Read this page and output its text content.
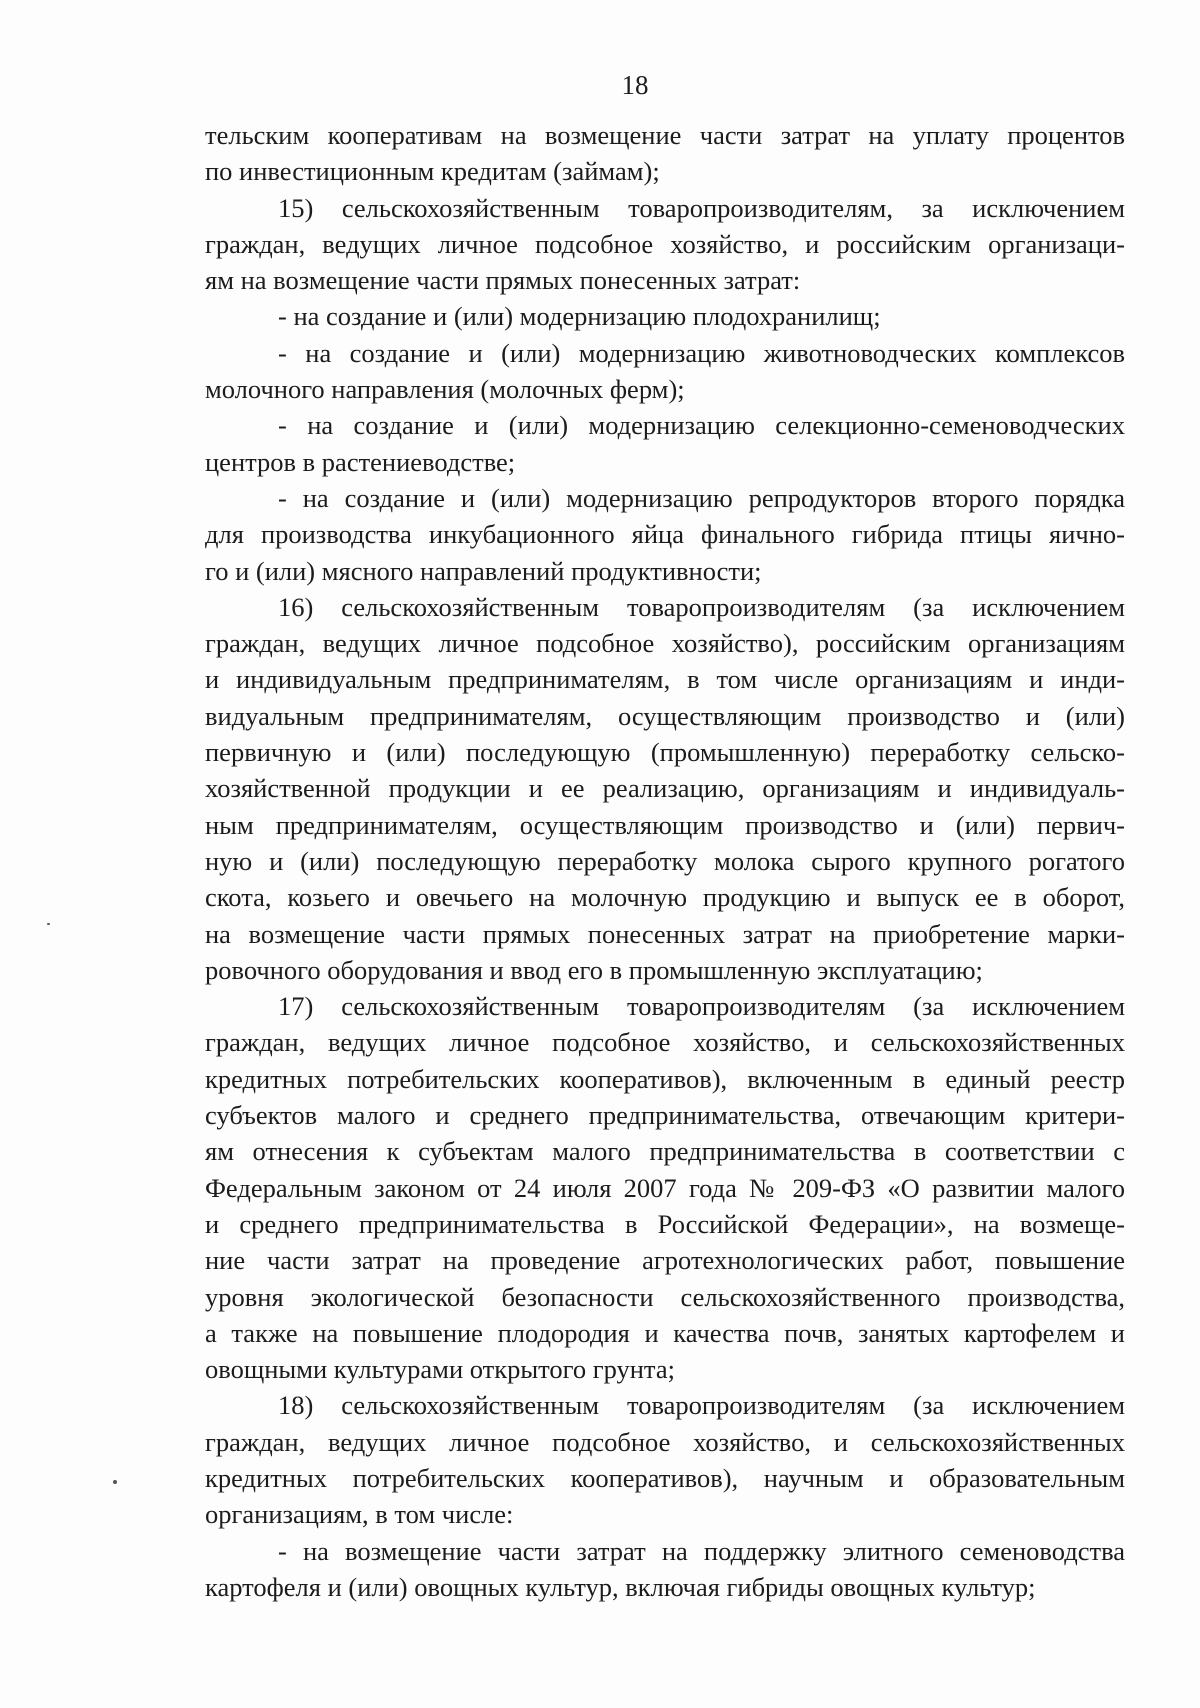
18
тельским кооперативам на возмещение части затрат на уплату процентов
по инвестиционным кредитам (займам);
15) сельскохозяйственным товаропроизводителям, за исключением
граждан, ведущих личное подсобное хозяйство, и российским организаци-
ям на возмещение части прямых понесенных затрат:
- на создание и (или) модернизацию плодохранилищ;
- на создание и (или) модернизацию животноводческих комплексов
молочного направления (молочных ферм);
- на создание и (или) модернизацию селекционно-семеноводческих
центров в растениеводстве;
- на создание и (или) модернизацию репродукторов второго порядка
для производства инкубационного яйца финального гибрида птицы яично-
го и (или) мясного направлений продуктивности;
16) сельскохозяйственным товаропроизводителям (за исключением
граждан, ведущих личное подсобное хозяйство), российским организациям
и индивидуальным предпринимателям, в том числе организациям и инди-
видуальным предпринимателям, осуществляющим производство и (или)
первичную и (или) последующую (промышленную) переработку сельско-
хозяйственной продукции и ее реализацию, организациям и индивидуаль-
ным предпринимателям, осуществляющим производство и (или) первич-
ную и (или) последующую переработку молока сырого крупного рогатого
скота, козьего и овечьего на молочную продукцию и выпуск ее в оборот,
на возмещение части прямых понесенных затрат на приобретение марки-
ровочного оборудования и ввод его в промышленную эксплуатацию;
17) сельскохозяйственным товаропроизводителям (за исключением
граждан, ведущих личное подсобное хозяйство, и сельскохозяйственных
кредитных потребительских кооперативов), включенным в единый реестр
субъектов малого и среднего предпринимательства, отвечающим критери-
ям отнесения к субъектам малого предпринимательства в соответствии с
Федеральным законом от 24 июля 2007 года № 209-ФЗ «О развитии малого
и среднего предпринимательства в Российской Федерации», на возмеще-
ние части затрат на проведение агротехнологических работ, повышение
уровня экологической безопасности сельскохозяйственного производства,
а также на повышение плодородия и качества почв, занятых картофелем и
овощными культурами открытого грунта;
18) сельскохозяйственным товаропроизводителям (за исключением
граждан, ведущих личное подсобное хозяйство, и сельскохозяйственных
кредитных потребительских кооперативов), научным и образовательным
организациям, в том числе:
- на возмещение части затрат на поддержку элитного семеноводства
картофеля и (или) овощных культур, включая гибриды овощных культур;
